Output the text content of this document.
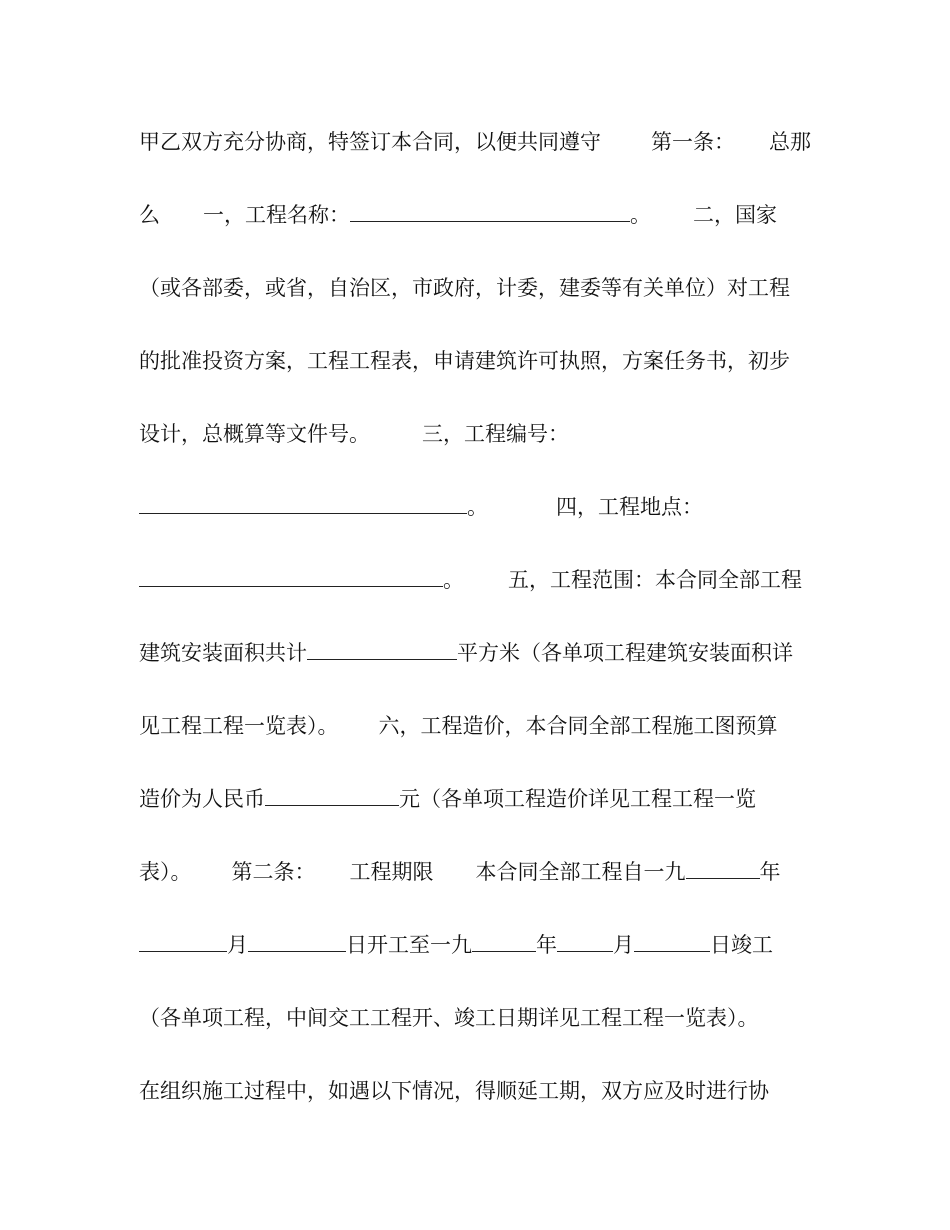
甲乙双方充分协商，特签订本合同，以便共同遵守 第一条： 总那
么 一，工程名称：	。 二，国家
（或各部委，或省，自治区，市政府，计委，建委等有关单位）对工程
的批准投资方案，工程工程表，申请建筑许可执照，方案任务书，初步
设计，总概算等文件号。 三，工程编号：
。	四，工程地点：
。 五，工程范围：本合同全部工程
建筑安装面积共计	平方米（各单项工程建筑安装面积详
见工程工程一览表）。 六，工程造价，本合同全部工程施工图预算
造价为人民币	元（各单项工程造价详见工程工程一览
表）。 第二条： 工程期限 本合同全部工程自一九	年
月	日开工至一九	年	月	日竣工
（各单项工程，中间交工工程开、竣工日期详见工程工程一览表）。
在组织施工过程中，如遇以下情况，得顺延工期，双方应及时进行协
